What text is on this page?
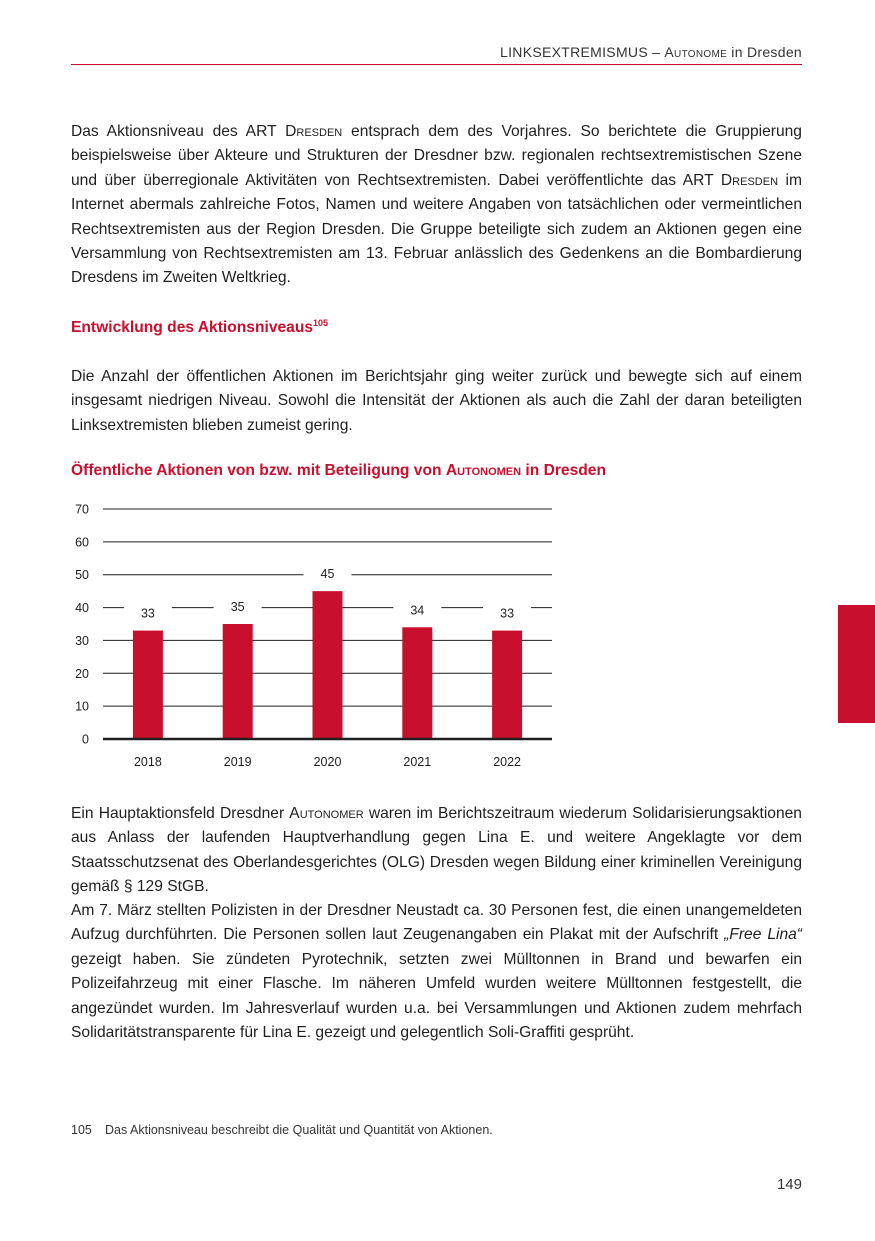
LINKSEXTREMISMUS – Autonome in Dresden

Das Aktionsniveau des ART Dresden entsprach dem des Vorjahres. So berichtete die Gruppierung beispielsweise über Akteure und Strukturen der Dresdner bzw. regionalen rechtsextremistischen Szene und über überregionale Aktivitäten von Rechtsextremisten. Dabei veröffentlichte das ART Dresden im Internet abermals zahlreiche Fotos, Namen und weitere Angaben von tatsächlichen oder vermeintlichen Rechtsextremisten aus der Region Dresden. Die Gruppe beteiligte sich zudem an Aktionen gegen eine Versammlung von Rechtsextremisten am 13. Februar anlässlich des Gedenkens an die Bombardierung Dresdens im Zweiten Weltkrieg.

Entwicklung des Aktionsniveaus$^{105}$

Die Anzahl der öffentlichen Aktionen im Berichtsjahr ging weiter zurück und bewegte sich auf einem insgesamt niedrigen Niveau. Sowohl die Intensität der Aktionen als auch die Zahl der daran beteiligten Linksextremisten blieben zumeist gering.

Öffentliche Aktionen von bzw. mit Beteiligung von Autonomen in Dresden

0
10
20
30
40
50
60
70
33
2018
35
2019
45
2020
34
2021
33
2022

Ein Hauptaktionsfeld Dresdner Autonomer waren im Berichtszeitraum wiederum Solidarisierungsaktionen aus Anlass der laufenden Hauptverhandlung gegen Lina E. und weitere Angeklagte vor dem Staatsschutzsenat des Oberlandesgerichtes (OLG) Dresden wegen Bildung einer kriminellen Vereinigung gemäß § 129 StGB.

Am 7. März stellten Polizisten in der Dresdner Neustadt ca. 30 Personen fest, die einen unangemeldeten Aufzug durchführten. Die Personen sollen laut Zeugenangaben ein Plakat mit der Aufschrift „Free Lina“ gezeigt haben. Sie zündeten Pyrotechnik, setzten zwei Mülltonnen in Brand und bewarfen ein Polizeifahrzeug mit einer Flasche. Im näheren Umfeld wurden weitere Mülltonnen festgestellt, die angezündet wurden. Im Jahresverlauf wurden u.a. bei Versammlungen und Aktionen zudem mehrfach Solidaritätstransparente für Lina E. gezeigt und gelegentlich Soli-Graffiti gesprüht.

105 Das Aktionsniveau beschreibt die Qualität und Quantität von Aktionen.

149
